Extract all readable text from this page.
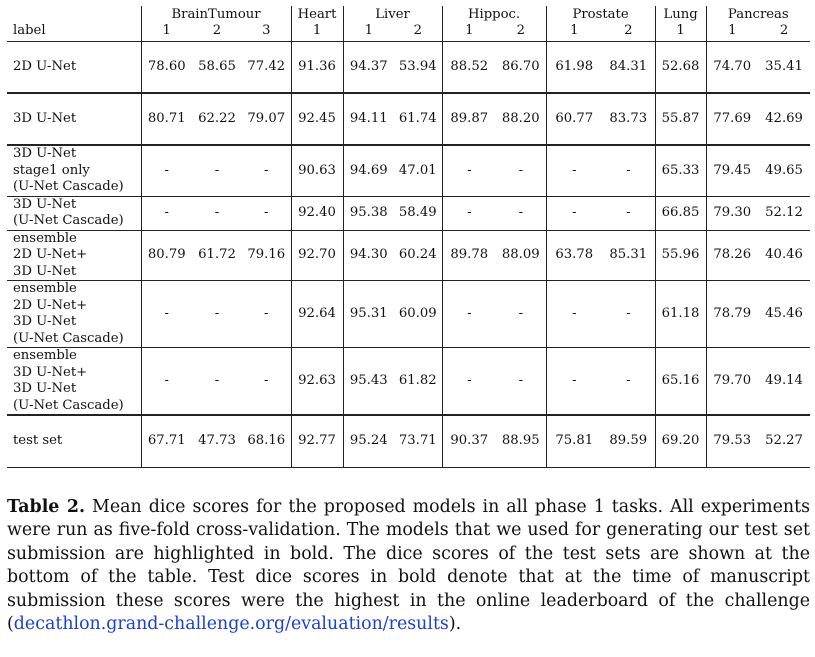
	BrainTumour			Heart	Liver		Hippoc.		Prostate		Lung	Pancreas	
label	1	2	3	1	1	2	1	2	1	2	1	1	2

2D U-Net	78.60	58.65	77.42	91.36	94.37	53.94	88.52	86.70	61.98	84.31	52.68	74.70	35.41

3D U-Net	80.71	62.22	79.07	92.45	94.11	61.74	89.87	88.20	60.77	83.73	55.87	77.69	42.69

3D U-Net
stage1 only
(U-Net Cascade)	-	-	-	90.63	94.69	47.01	-	-	-	-	65.33	79.45	49.65

3D U-Net
(U-Net Cascade)	-	-	-	92.40	95.38	58.49	-	-	-	-	66.85	79.30	52.12

ensemble
2D U-Net+
3D U-Net	80.79	61.72	79.16	92.70	94.30	60.24	89.78	88.09	63.78	85.31	55.96	78.26	40.46

ensemble
2D U-Net+
3D U-Net
(U-Net Cascade)	-	-	-	92.64	95.31	60.09	-	-	-	-	61.18	78.79	45.46

ensemble
3D U-Net+
3D U-Net
(U-Net Cascade)	-	-	-	92.63	95.43	61.82	-	-	-	-	65.16	79.70	49.14

test set	67.71	47.73	68.16	92.77	95.24	73.71	90.37	88.95	75.81	89.59	69.20	79.53	52.27

Table 2. Mean dice scores for the proposed models in all phase 1 tasks. All experiments were run as five-fold cross-validation. The models that we used for generating our test set submission are highlighted in bold. The dice scores of the test sets are shown at the bottom of the table. Test dice scores in bold denote that at the time of manuscript submission these scores were the highest in the online leaderboard of the challenge (decathlon.grand-challenge.org/evaluation/results).
